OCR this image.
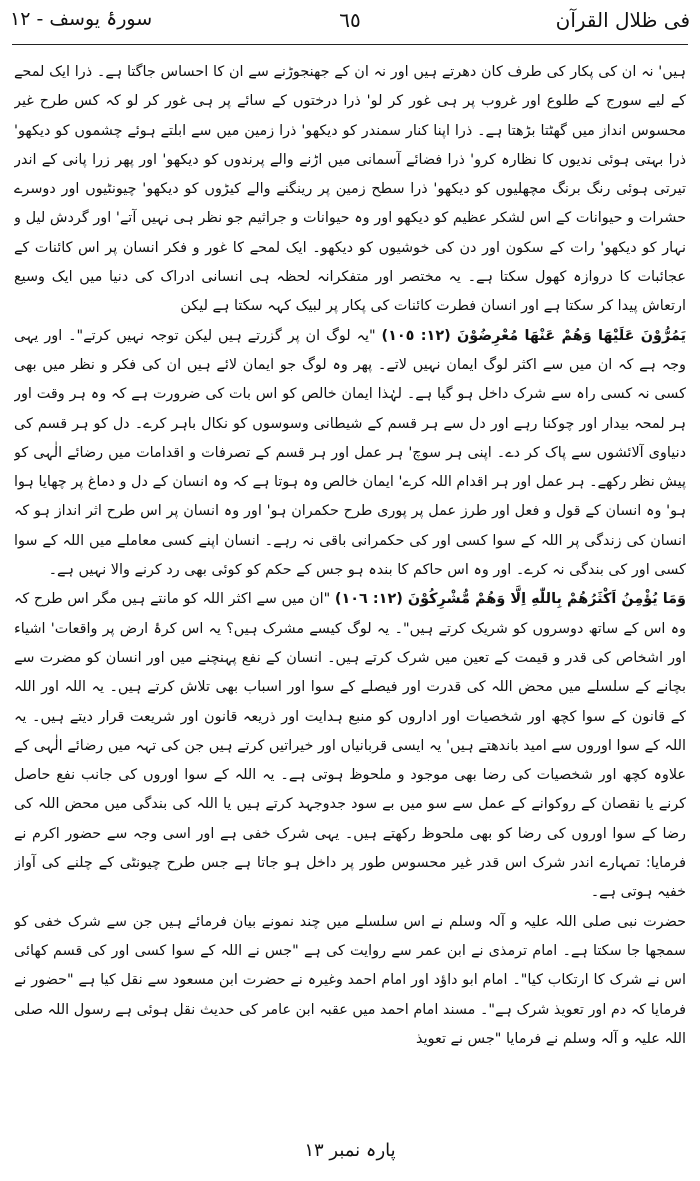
فی ظلال القرآن
٦٥
سورۂ یوسف - ١٢

ہیں' نہ ان کی پکار کی طرف کان دھرتے ہیں اور نہ ان کے جھنجوڑنے سے ان کا احساس جاگتا ہے۔ ذرا ایک لمحے کے لیے سورج کے طلوع اور غروب پر ہی غور کر لو' ذرا درختوں کے سائے پر ہی غور کر لو کہ کس طرح غیر محسوس انداز میں گھٹتا بڑھتا ہے۔ ذرا اپنا کنار سمندر کو دیکھو' ذرا زمین میں سے ابلتے ہوئے چشموں کو دیکھو' ذرا بہتی ہوئی ندیوں کا نظارہ کرو' ذرا فضائے آسمانی میں اڑنے والے پرندوں کو دیکھو' اور پھر زرا پانی کے اندر تیرتی ہوئی رنگ برنگ مچھلیوں کو دیکھو' ذرا سطح زمین پر رینگنے والے کیڑوں کو دیکھو' چیونٹیوں اور دوسرے حشرات و حیوانات کے اس لشکر عظیم کو دیکھو اور وہ حیوانات و جراثیم جو نظر ہی نہیں آتے' اور گردش لیل و نہار کو دیکھو' رات کے سکون اور دن کی خوشیوں کو دیکھو۔ ایک لمحے کا غور و فکر انسان پر اس کائنات کے عجائبات کا دروازہ کھول سکتا ہے۔ یہ مختصر اور متفکرانہ لحظہ ہی انسانی ادراک کی دنیا میں ایک وسیع ارتعاش پیدا کر سکتا ہے اور انسان فطرت کائنات کی پکار پر لبیک کہہ سکتا ہے لیکن

يَمُرُّوْنَ عَلَيْهَا وَهُمْ عَنْهَا مُعْرِضُوْنَ (١٢: ١٠٥) "یہ لوگ ان پر گزرتے ہیں لیکن توجہ نہیں کرتے"۔ اور یہی وجہ ہے کہ ان میں سے اکثر لوگ ایمان نہیں لاتے۔ پھر وہ لوگ جو ایمان لائے ہیں ان کی فکر و نظر میں بھی کسی نہ کسی راہ سے شرک داخل ہو گیا ہے۔ لہٰذا ایمان خالص کو اس بات کی ضرورت ہے کہ وہ ہر وقت اور ہر لمحہ بیدار اور چوکنا رہے اور دل سے ہر قسم کے شیطانی وسوسوں کو نکال باہر کرے۔ دل کو ہر قسم کی دنیاوی آلائشوں سے پاک کر دے۔ اپنی ہر سوچ' ہر عمل اور ہر قسم کے تصرفات و اقدامات میں رضائے الٰہی کو پیش نظر رکھے۔ ہر عمل اور ہر اقدام اللہ کرے' ایمان خالص وہ ہوتا ہے کہ وہ انسان کے دل و دماغ پر چھایا ہوا ہو' وہ انسان کے قول و فعل اور طرز عمل پر پوری طرح حکمران ہو' اور وہ انسان پر اس طرح اثر انداز ہو کہ انسان کی زندگی پر اللہ کے سوا کسی اور کی حکمرانی باقی نہ رہے۔ انسان اپنے کسی معاملے میں اللہ کے سوا کسی اور کی بندگی نہ کرے۔ اور وہ اس حاکم کا بندہ ہو جس کے حکم کو کوئی بھی رد کرنے والا نہیں ہے۔

وَمَا يُؤْمِنُ اَكْثَرُهُمْ بِاللّٰهِ اِلَّا وَهُمْ مُّشْرِكُوْنَ (١٢: ١٠٦) "ان میں سے اکثر اللہ کو مانتے ہیں مگر اس طرح کہ وہ اس کے ساتھ دوسروں کو شریک کرتے ہیں"۔ یہ لوگ کیسے مشرک ہیں؟ یہ اس کرۂ ارض پر واقعات' اشیاء اور اشخاص کی قدر و قیمت کے تعین میں شرک کرتے ہیں۔ انسان کے نفع پہنچنے میں اور انسان کو مضرت سے بچانے کے سلسلے میں محض اللہ کی قدرت اور فیصلے کے سوا اور اسباب بھی تلاش کرتے ہیں۔ یہ اللہ اور اللہ کے قانون کے سوا کچھ اور شخصیات اور اداروں کو منبع ہدایت اور ذریعہ قانون اور شریعت قرار دیتے ہیں۔ یہ اللہ کے سوا اوروں سے امید باندھتے ہیں' یہ ایسی قربانیاں اور خیراتیں کرتے ہیں جن کی تہہ میں رضائے الٰہی کے علاوہ کچھ اور شخصیات کی رضا بھی موجود و ملحوظ ہوتی ہے۔ یہ اللہ کے سوا اوروں کی جانب نفع حاصل کرنے یا نقصان کے روکوانے کے عمل سے سو میں بے سود جدوجہد کرتے ہیں یا اللہ کی بندگی میں محض اللہ کی رضا کے سوا اوروں کی رضا کو بھی ملحوظ رکھتے ہیں۔ یہی شرک خفی ہے اور اسی وجہ سے حضور اکرم نے فرمایا: تمہارے اندر شرک اس قدر غیر محسوس طور پر داخل ہو جاتا ہے جس طرح چیونٹی کے چلنے کی آواز خفیہ ہوتی ہے۔

حضرت نبی صلی اللہ علیہ و آلہ وسلم نے اس سلسلے میں چند نمونے بیان فرمائے ہیں جن سے شرک خفی کو سمجھا جا سکتا ہے۔ امام ترمذی نے ابن عمر سے روایت کی ہے "جس نے اللہ کے سوا کسی اور کی قسم کھائی اس نے شرک کا ارتکاب کیا"۔ امام ابو داؤد اور امام احمد وغیرہ نے حضرت ابن مسعود سے نقل کیا ہے "حضور نے فرمایا کہ دم اور تعویذ شرک ہے"۔ مسند امام احمد میں عقبہ ابن عامر کی حدیث نقل ہوئی ہے رسول اللہ صلی اللہ علیہ و آلہ وسلم نے فرمایا "جس نے تعویذ

پارہ نمبر ١٣
